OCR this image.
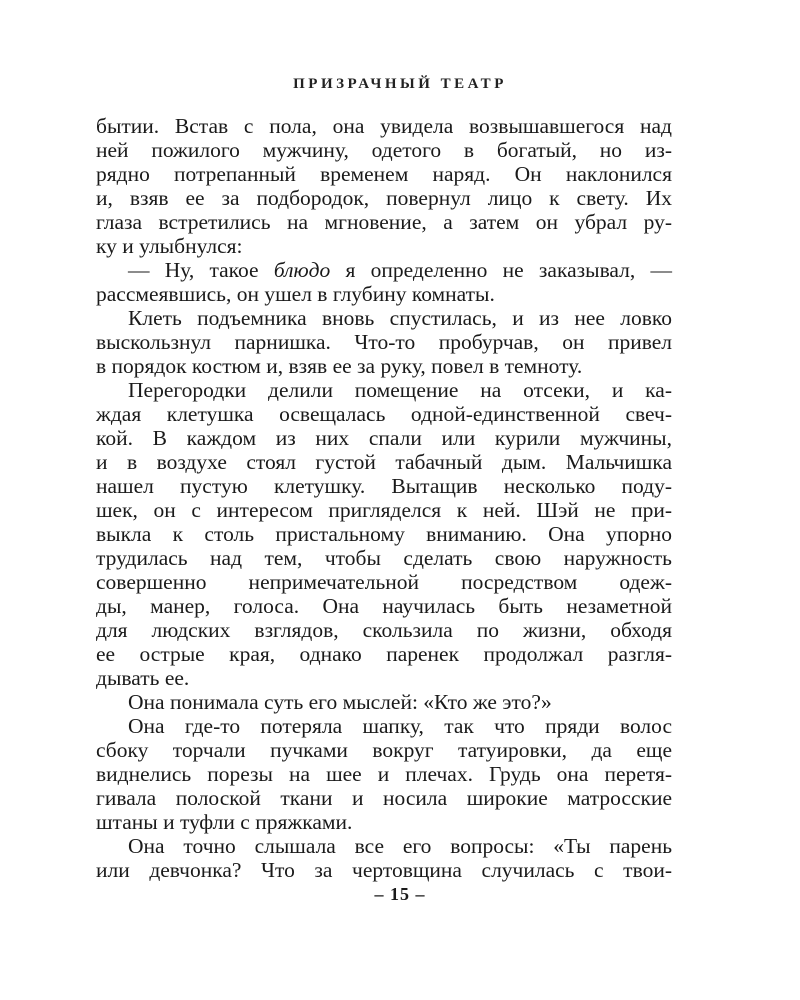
ПРИЗРАЧНЫЙ ТЕАТР
бытии. Встав с пола, она увидела возвышавшегося над
ней пожилого мужчину, одетого в богатый, но из-
рядно потрепанный временем наряд. Он наклонился
и, взяв ее за подбородок, повернул лицо к свету. Их
глаза встретились на мгновение, а затем он убрал ру-
ку и улыбнулся:
— Ну, такое блюдо я определенно не заказывал, —
рассмеявшись, он ушел в глубину комнаты.
Клеть подъемника вновь спустилась, и из нее ловко
выскользнул парнишка. Что-то пробурчав, он привел
в порядок костюм и, взяв ее за руку, повел в темноту.
Перегородки делили помещение на отсеки, и ка-
ждая клетушка освещалась одной-единственной свеч-
кой. В каждом из них спали или курили мужчины,
и в воздухе стоял густой табачный дым. Мальчишка
нашел пустую клетушку. Вытащив несколько поду-
шек, он с интересом пригляделся к ней. Шэй не при-
выкла к столь пристальному вниманию. Она упорно
трудилась над тем, чтобы сделать свою наружность
совершенно непримечательной посредством одеж-
ды, манер, голоса. Она научилась быть незаметной
для людских взглядов, скользила по жизни, обходя
ее острые края, однако паренек продолжал разгля-
дывать ее.
Она понимала суть его мыслей: «Кто же это?»
Она где-то потеряла шапку, так что пряди волос
сбоку торчали пучками вокруг татуировки, да еще
виднелись порезы на шее и плечах. Грудь она перетя-
гивала полоской ткани и носила широкие матросские
штаны и туфли с пряжками.
Она точно слышала все его вопросы: «Ты парень
или девчонка? Что за чертовщина случилась с твои-
– 15 –
